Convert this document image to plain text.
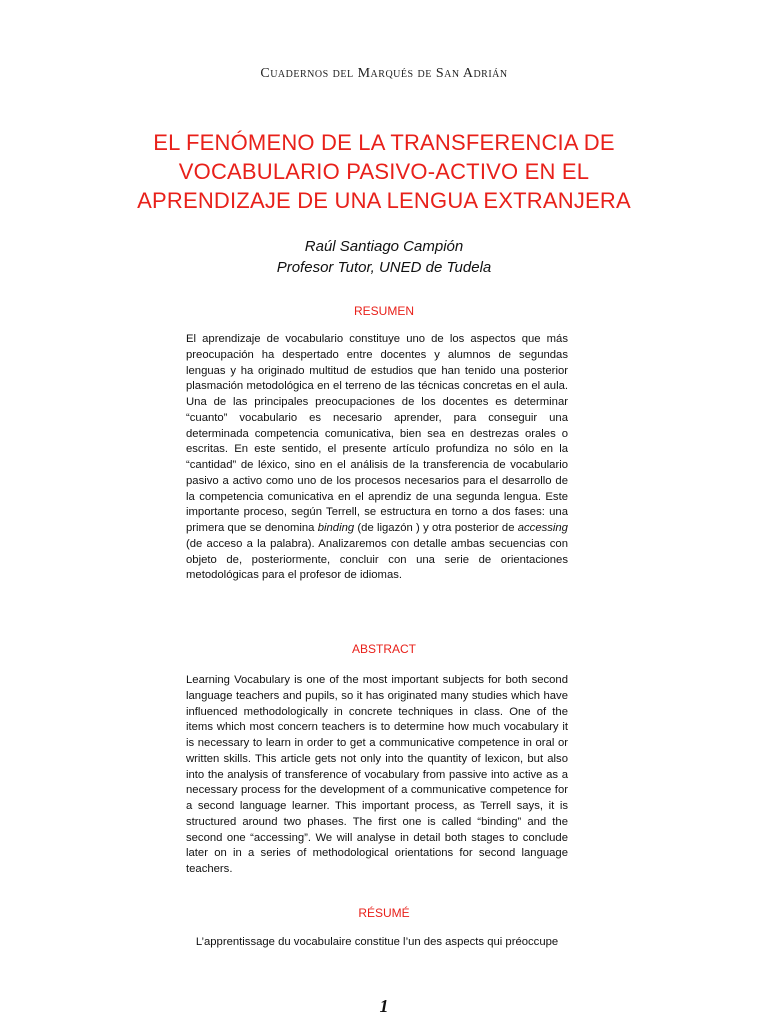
Cuadernos del Marqués de San Adrián
EL FENÓMENO DE LA TRANSFERENCIA DE
VOCABULARIO PASIVO-ACTIVO EN EL
APRENDIZAJE DE UNA LENGUA EXTRANJERA
Raúl Santiago Campión
Profesor Tutor, UNED de Tudela
RESUMEN
El aprendizaje de vocabulario constituye uno de los aspectos que más preocupación ha despertado entre docentes y alumnos de segundas lenguas y ha originado multitud de estudios que han tenido una posterior plasmación metodológica en el terreno de las técnicas concretas en el aula. Una de las principales preocupaciones de los docentes es determinar “cuanto” vocabulario es necesario aprender, para conseguir una determinada competencia comunicativa, bien sea en destrezas orales o escritas. En este sentido, el presente artículo profundiza no sólo en la “cantidad” de léxico, sino en el análisis de la transferencia de vocabulario pasivo a activo como uno de los procesos necesarios para el desarrollo de la competencia comunicativa en el aprendiz de una segunda lengua. Este importante proceso, según Terrell, se estructura en torno a dos fases: una primera que se denomina binding (de ligazón ) y otra posterior de accessing (de acceso a la palabra). Analizaremos con detalle ambas secuencias con objeto de, posteriormente, concluir con una serie de orientaciones metodológicas para el profesor de idiomas.
ABSTRACT
Learning Vocabulary is one of the most important subjects for both second language teachers and pupils, so it has originated many studies which have influenced methodologically in concrete techniques in class. One of the items which most concern teachers is to determine how much vocabulary it is necessary to learn in order to get a communicative competence in oral or written skills. This article gets not only into the quantity of lexicon, but also into the analysis of transference of vocabulary from passive into active as a necessary process for the development of a communicative competence for a second language learner. This important process, as Terrell says, it is structured around two phases. The first one is called “binding” and the second one “accessing”. We will analyse in detail both stages to conclude later on in a series of methodological orientations for second language teachers.
RÉSUMÉ
L’apprentissage du vocabulaire constitue l’un des aspects qui préoccupe
1
